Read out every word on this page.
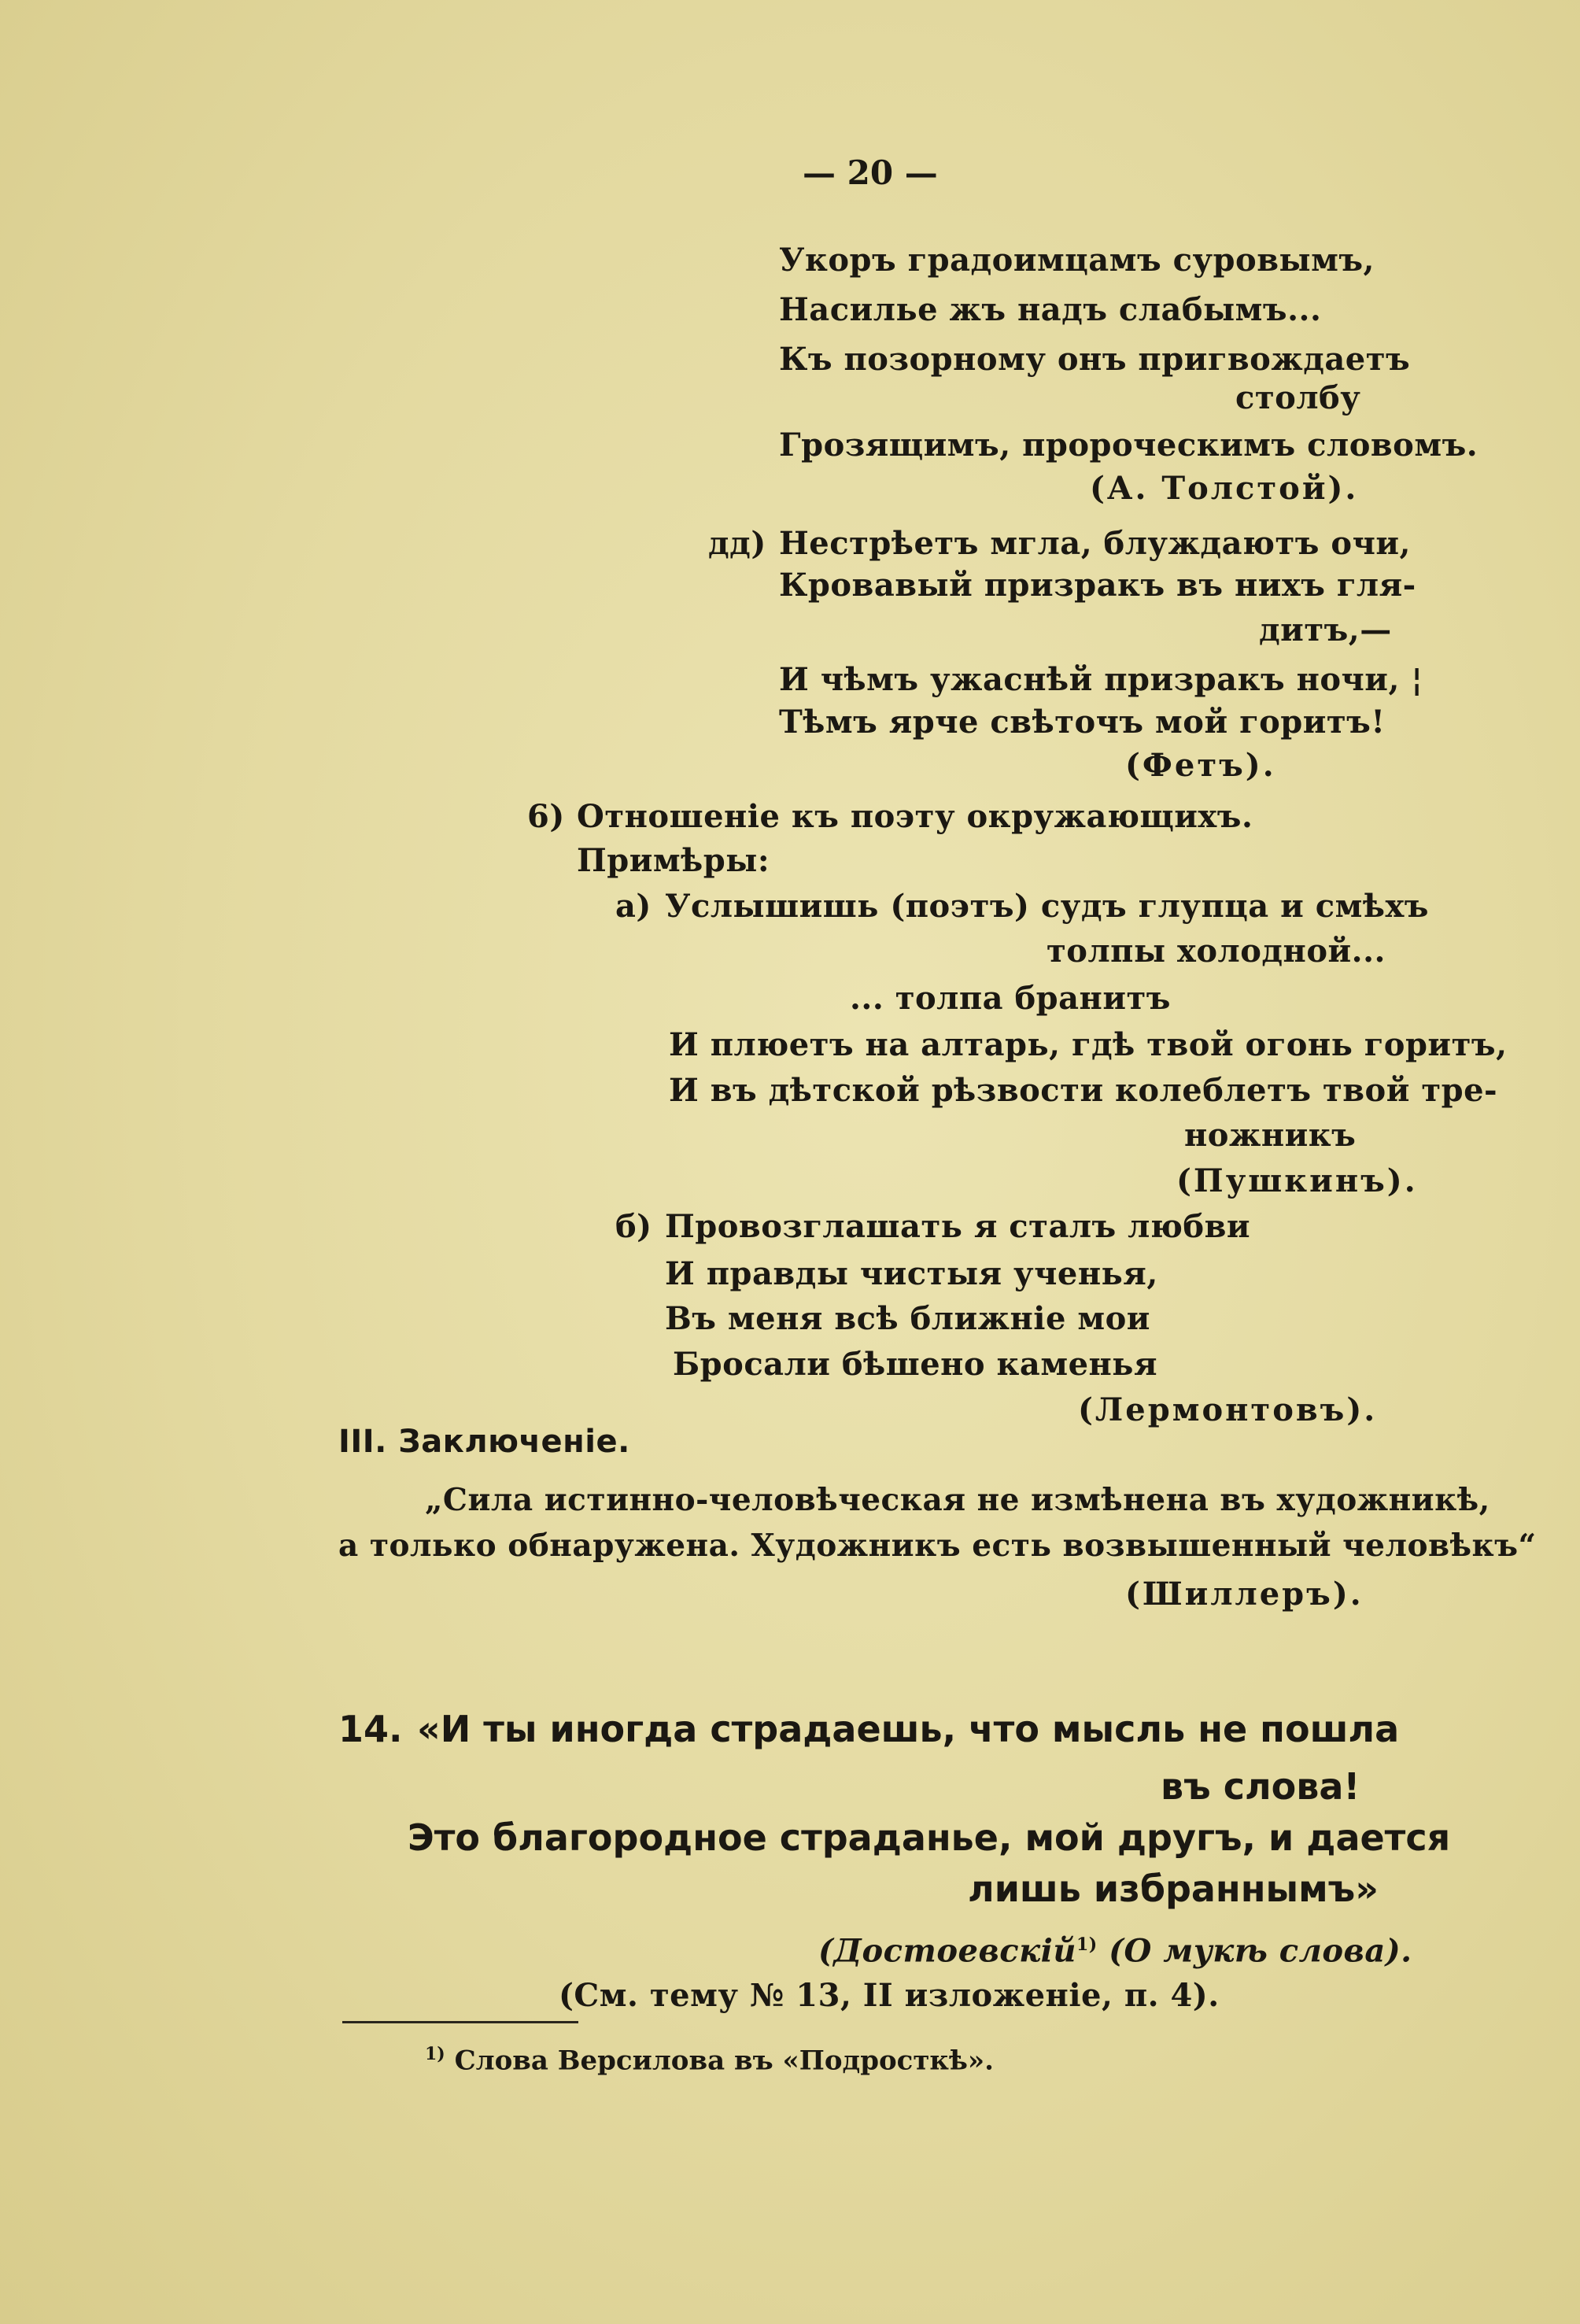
— 20 —
Укоръ градоимцамъ суровымъ,
Насилье жъ надъ слабымъ...
Къ позорному онъ пригвождаетъ
столбу
Грозящимъ, пророческимъ словомъ.
(А. Толстой).
дд) Нестрѣетъ мгла, блуждаютъ очи,
Кровавый призракъ въ нихъ гля-
дитъ,—
И чѣмъ ужаснѣй призракъ ночи, ¦
Тѣмъ ярче свѣточъ мой горитъ!
(Фетъ).
6) Отношеніе къ поэту окружающихъ.
Примѣры:
а) Услышишь (поэтъ) судъ глупца и смѣхъ
толпы холодной...
... толпа бранитъ
И плюетъ на алтарь, гдѣ твой огонь горитъ,
И въ дѣтской рѣзвости колеблетъ твой тре-
ножникъ
(Пушкинъ).
б) Провозглашать я сталъ любви
И правды чистыя ученья,
Въ меня всѣ ближніе мои
Бросали бѣшено каменья
(Лермонтовъ).
III. Заключеніе.
„Сила истинно-человѣческая не измѣнена въ художникѣ,
а только обнаружена. Художникъ есть возвышенный человѣкъ“
(Шиллеръ).
14. «И ты иногда страдаешь, что мысль не пошла
въ слова!
Это благородное страданье, мой другъ, и дается
лишь избраннымъ»
(Достоевскій$^{1)}$ (О мукѣ слова).
(См. тему № 13, II изложеніе, п. 4).
$^{1)}$ Слова Версилова въ «Подросткѣ».
